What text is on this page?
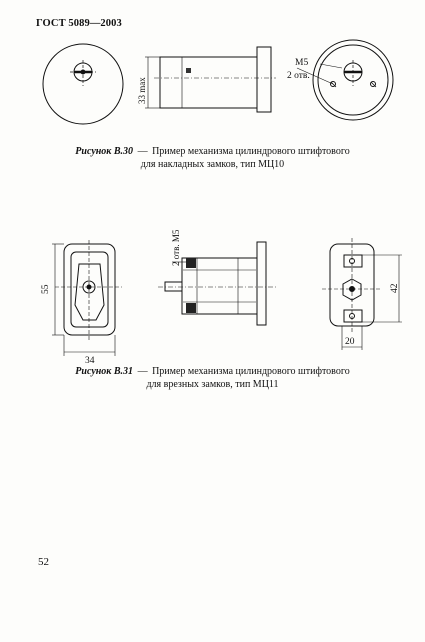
ГОСТ 5089—2003
33 max
М5
2 отв.
Рисунок В.30 — Пример механизма цилиндрового штифтового
для накладных замков, тип МЦ10
55
34
2 отв. М5
42
20
Рисунок В.31 — Пример механизма цилиндрового штифтового
для врезных замков, тип МЦ11
52
